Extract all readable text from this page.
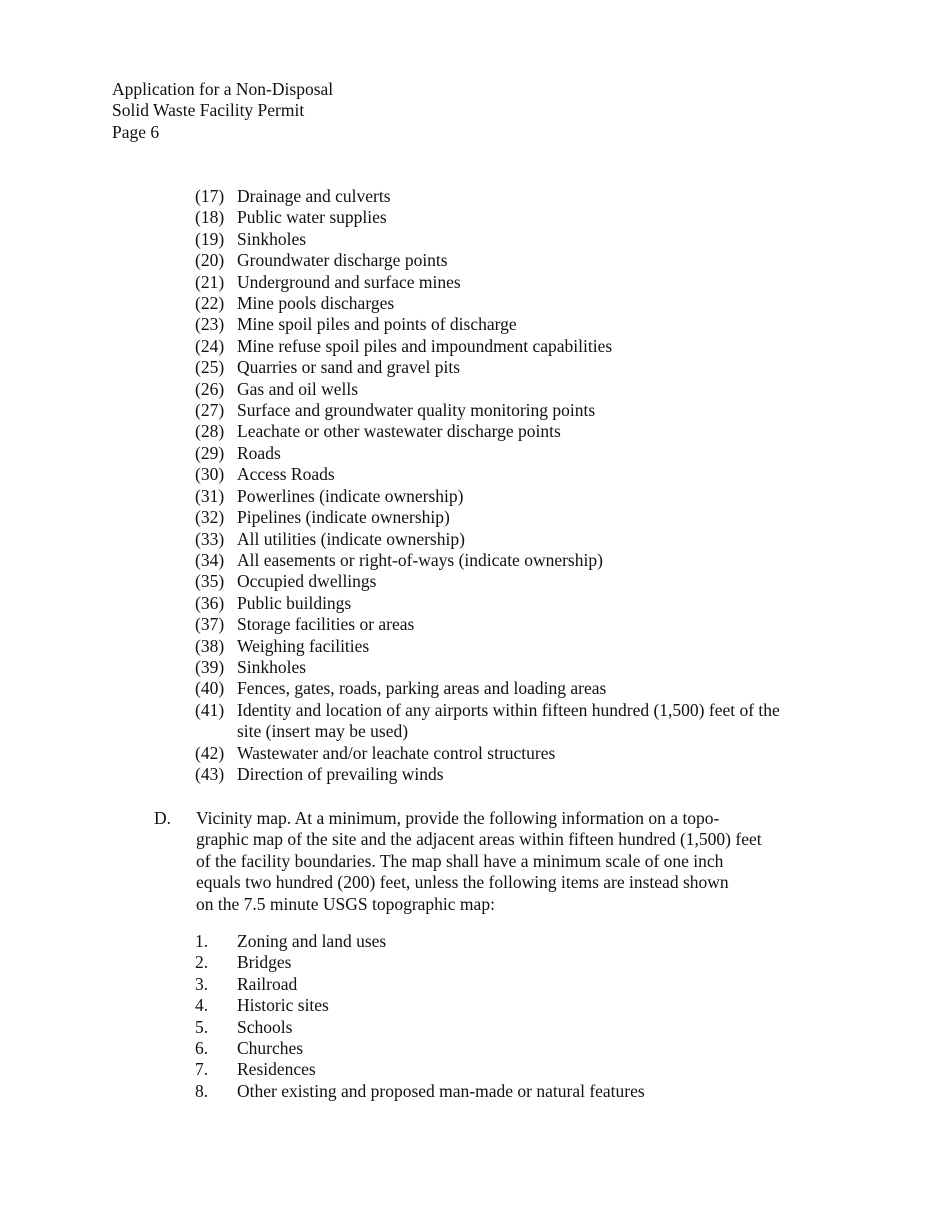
Application for a Non-Disposal
Solid Waste Facility Permit
Page 6
(17) Drainage and culverts
(18) Public water supplies
(19) Sinkholes
(20) Groundwater discharge points
(21) Underground and surface mines
(22) Mine pools discharges
(23) Mine spoil piles and points of discharge
(24) Mine refuse spoil piles and impoundment capabilities
(25) Quarries or sand and gravel pits
(26) Gas and oil wells
(27) Surface and groundwater quality monitoring points
(28) Leachate or other wastewater discharge points
(29) Roads
(30) Access Roads
(31) Powerlines (indicate ownership)
(32) Pipelines (indicate ownership)
(33) All utilities (indicate ownership)
(34) All easements or right-of-ways (indicate ownership)
(35) Occupied dwellings
(36) Public buildings
(37) Storage facilities or areas
(38) Weighing facilities
(39) Sinkholes
(40) Fences, gates, roads, parking areas and loading areas
(41) Identity and location of any airports within fifteen hundred (1,500) feet of the site (insert may be used)
(42) Wastewater and/or leachate control structures
(43) Direction of prevailing winds
D.	Vicinity map. At a minimum, provide the following information on a topo-
graphic map of the site and the adjacent areas within fifteen hundred (1,500) feet
of the facility boundaries. The map shall have a minimum scale of one inch
equals two hundred (200) feet, unless the following items are instead shown
on the 7.5 minute USGS topographic map:
1.	Zoning and land uses
2.	Bridges
3.	Railroad
4.	Historic sites
5.	Schools
6.	Churches
7.	Residences
8.	Other existing and proposed man-made or natural features
